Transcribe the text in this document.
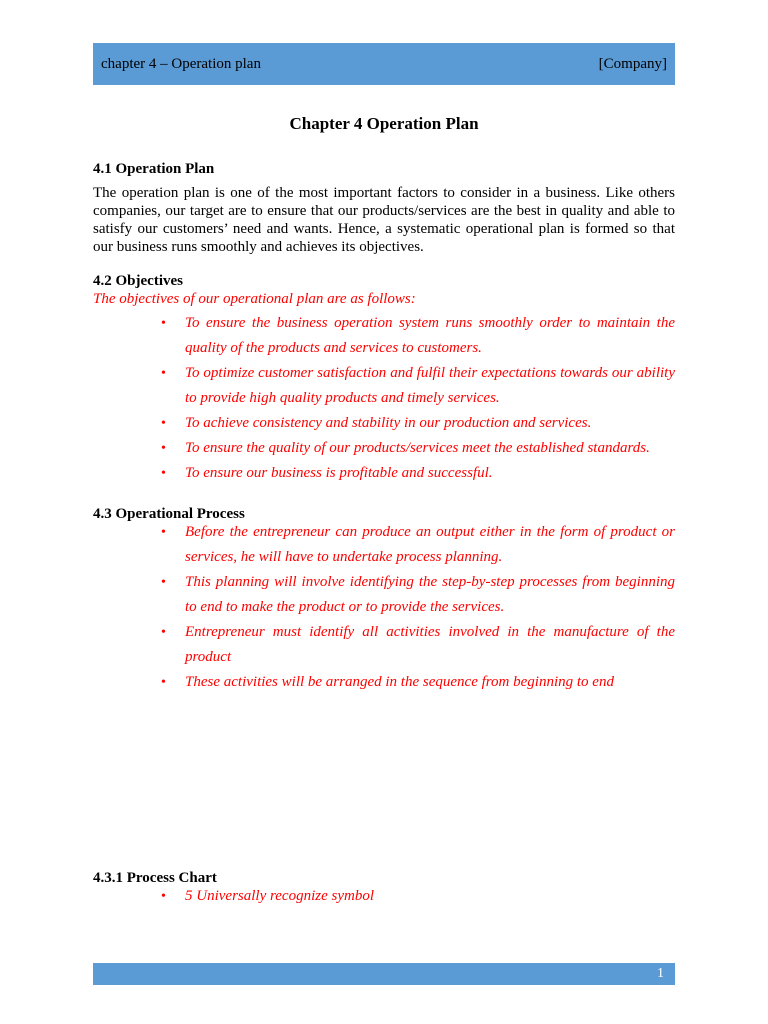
chapter 4 – Operation plan	[Company]
Chapter 4 Operation Plan
4.1 Operation Plan
The operation plan is one of the most important factors to consider in a business. Like others companies, our target are to ensure that our products/services are the best in quality and able to satisfy our customers’ need and wants. Hence, a systematic operational plan is formed so that our business runs smoothly and achieves its objectives.
4.2 Objectives
The objectives of our operational plan are as follows:
• To ensure the business operation system runs smoothly order to maintain the quality of the products and services to customers.
• To optimize customer satisfaction and fulfil their expectations towards our ability to provide high quality products and timely services.
• To achieve consistency and stability in our production and services.
• To ensure the quality of our products/services meet the established standards.
• To ensure our business is profitable and successful.
4.3 Operational Process
• Before the entrepreneur can produce an output either in the form of product or services, he will have to undertake process planning.
• This planning will involve identifying the step-by-step processes from beginning to end to make the product or to provide the services.
• Entrepreneur must identify all activities involved in the manufacture of the product
• These activities will be arranged in the sequence from beginning to end
4.3.1 Process Chart
• 5 Universally recognize symbol
1
